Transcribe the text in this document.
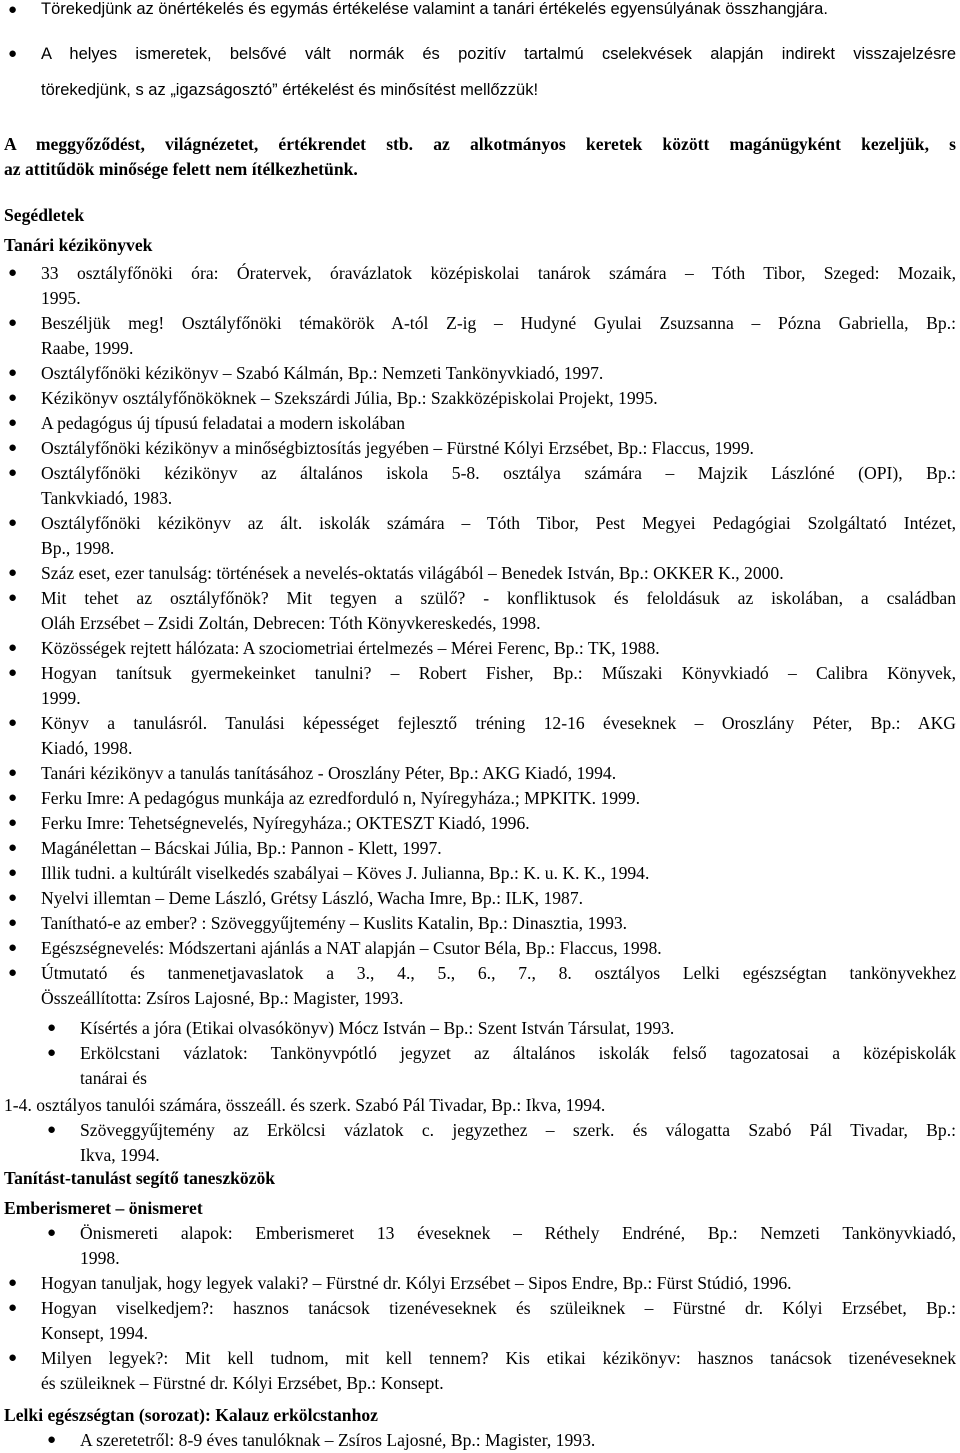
● Törekedjünk az önértékelés és egymás értékelése valamint a tanári értékelés egyensúlyának összhangjára.
● A helyes ismeretek, belsővé vált normák és pozitív tartalmú cselekvések alapján indirekt visszajelzésre
törekedjünk, s az „igazságosztó” értékelést és minősítést mellőzzük!
A meggyőződést, világnézetet, értékrendet stb. az alkotmányos keretek között magánügyként kezeljük, s
az attitűdök minősége felett nem ítélkezhetünk.
Segédletek
Tanári kézikönyvek
1-4. osztályos tanulói számára, összeáll. és szerk. Szabó Pál Tivadar, Bp.: Ikva, 1994.
Tanítást-tanulást segítő taneszközök
Emberismeret – önismeret
Lelki egészségtan (sorozat): Kalauz erkölcstanhoz
● 33 osztályfőnöki óra: Óratervek, óravázlatok középiskolai tanárok számára – Tóth Tibor, Szeged: Mozaik,
1995.
● Beszéljük meg! Osztályfőnöki témakörök A-tól Z-ig – Hudyné Gyulai Zsuzsanna – Pózna Gabriella, Bp.:
Raabe, 1999.
● Osztályfőnöki kézikönyv – Szabó Kálmán, Bp.: Nemzeti Tankönyvkiadó, 1997.
● Kézikönyv osztályfőnököknek – Szekszárdi Júlia, Bp.: Szakközépiskolai Projekt, 1995.
● A pedagógus új típusú feladatai a modern iskolában
● Osztályfőnöki kézikönyv a minőségbiztosítás jegyében – Fürstné Kólyi Erzsébet, Bp.: Flaccus, 1999.
● Osztályfőnöki kézikönyv az általános iskola 5-8. osztálya számára – Majzik Lászlóné (OPI), Bp.:
Tankvkiadó, 1983.
● Osztályfőnöki kézikönyv az ált. iskolák számára – Tóth Tibor, Pest Megyei Pedagógiai Szolgáltató Intézet,
Bp., 1998.
● Száz eset, ezer tanulság: történések a nevelés-oktatás világából – Benedek István, Bp.: OKKER K., 2000.
● Mit tehet az osztályfőnök? Mit tegyen a szülő? - konfliktusok és feloldásuk az iskolában, a családban
Oláh Erzsébet – Zsidi Zoltán, Debrecen: Tóth Könyvkereskedés, 1998.
● Közösségek rejtett hálózata: A szociometriai értelmezés – Mérei Ferenc, Bp.: TK, 1988.
● Hogyan tanítsuk gyermekeinket tanulni? – Robert Fisher, Bp.: Műszaki Könyvkiadó – Calibra Könyvek,
1999.
● Könyv a tanulásról. Tanulási képességet fejlesztő tréning 12-16 éveseknek – Oroszlány Péter, Bp.: AKG
Kiadó, 1998.
● Tanári kézikönyv a tanulás tanításához - Oroszlány Péter, Bp.: AKG Kiadó, 1994.
● Ferku Imre: A pedagógus munkája az ezredforduló n, Nyíregyháza.; MPKITK. 1999.
● Ferku Imre: Tehetségnevelés, Nyíregyháza.; OKTESZT Kiadó, 1996.
● Magánélettan – Bácskai Júlia, Bp.: Pannon - Klett, 1997.
● Illik tudni. a kultúrált viselkedés szabályai – Köves J. Julianna, Bp.: K. u. K. K., 1994.
● Nyelvi illemtan – Deme László, Grétsy László, Wacha Imre, Bp.: ILK, 1987.
● Tanítható-e az ember? : Szöveggyűjtemény – Kuslits Katalin, Bp.: Dinasztia, 1993.
● Egészségnevelés: Módszertani ajánlás a NAT alapján – Csutor Béla, Bp.: Flaccus, 1998.
● Útmutató és tanmenetjavaslatok a 3., 4., 5., 6., 7., 8. osztályos Lelki egészségtan tankönyvekhez
Összeállította: Zsíros Lajosné, Bp.: Magister, 1993.
● Kísértés a jóra (Etikai olvasókönyv) Mócz István – Bp.: Szent István Társulat, 1993.
● Erkölcstani vázlatok: Tankönyvpótló jegyzet az általános iskolák felső tagozatosai a középiskolák
tanárai és
● Szöveggyűjtemény az Erkölcsi vázlatok c. jegyzethez – szerk. és válogatta Szabó Pál Tivadar, Bp.:
Ikva, 1994.
● Önismereti alapok: Emberismeret 13 éveseknek – Réthely Endréné, Bp.: Nemzeti Tankönyvkiadó,
1998.
● Hogyan tanuljak, hogy legyek valaki? – Fürstné dr. Kólyi Erzsébet – Sipos Endre, Bp.: Fürst Stúdió, 1996.
● Hogyan viselkedjem?: hasznos tanácsok tizenéveseknek és szüleiknek – Fürstné dr. Kólyi Erzsébet, Bp.:
Konsept, 1994.
● Milyen legyek?: Mit kell tudnom, mit kell tennem? Kis etikai kézikönyv: hasznos tanácsok tizenéveseknek
és szüleiknek – Fürstné dr. Kólyi Erzsébet, Bp.: Konsept.
● A szeretetről: 8-9 éves tanulóknak – Zsíros Lajosné, Bp.: Magister, 1993.
